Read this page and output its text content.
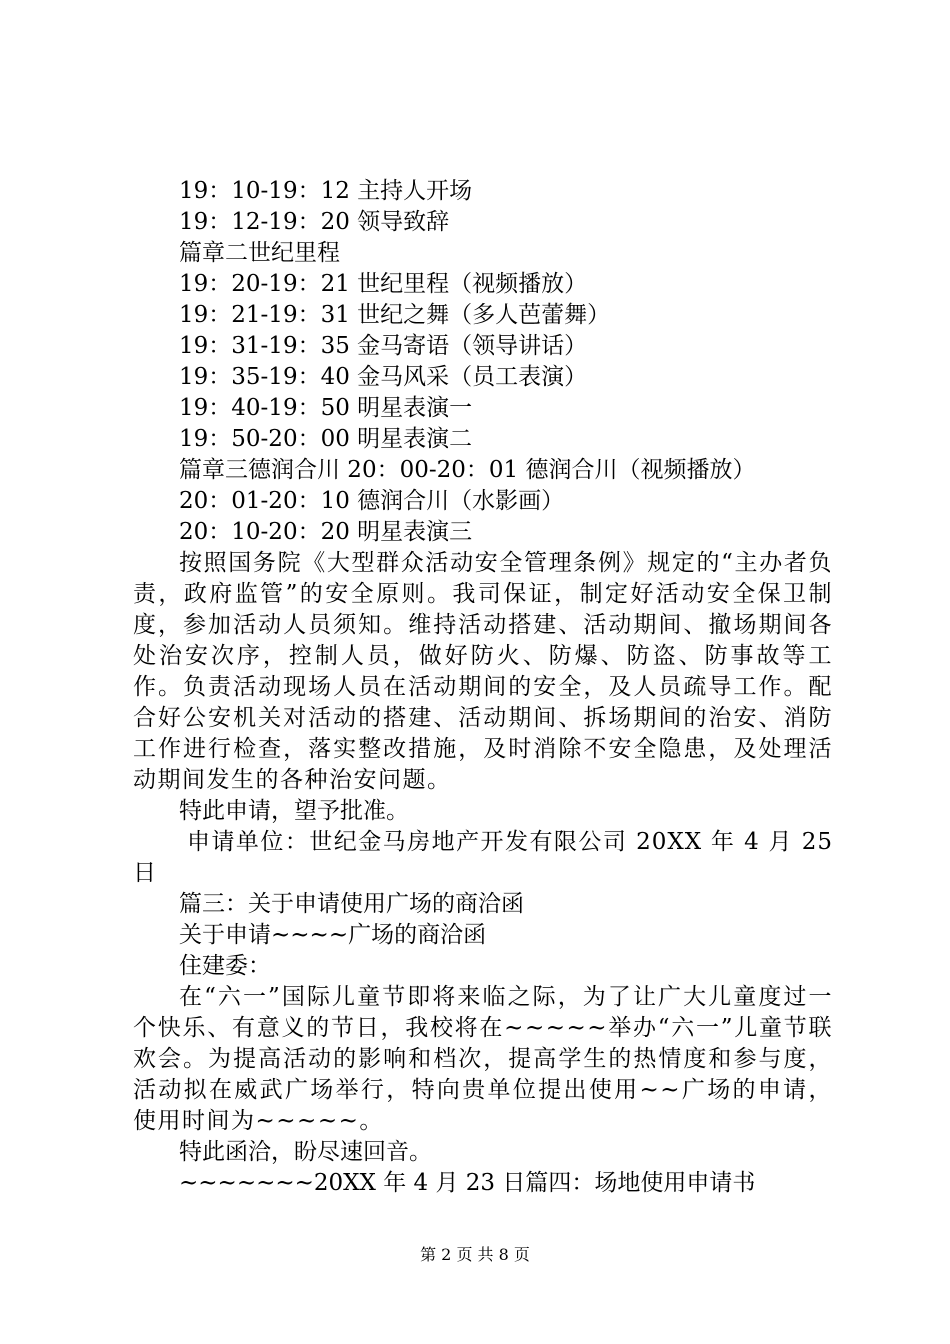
19：10-19：12 主持人开场
19：12-19：20 领导致辞
篇章二世纪里程
19：20-19：21 世纪里程（视频播放）
19：21-19：31 世纪之舞（多人芭蕾舞）
19：31-19：35 金马寄语（领导讲话）
19：35-19：40 金马风采（员工表演）
19：40-19：50 明星表演一
19：50-20：00 明星表演二
篇章三德润合川 20：00-20：01 德润合川（视频播放）
20：01-20：10 德润合川（水影画）
20：10-20：20 明星表演三

按照国务院《大型群众活动安全管理条例》规定的“主办者负责，政府监管”的安全原则。我司保证，制定好活动安全保卫制度，参加活动人员须知。维持活动搭建、活动期间、撤场期间各处治安次序，控制人员，做好防火、防爆、防盗、防事故等工作。负责活动现场人员在活动期间的安全，及人员疏导工作。配合好公安机关对活动的搭建、活动期间、拆场期间的治安、消防工作进行检查，落实整改措施，及时消除不安全隐患，及处理活动期间发生的各种治安问题。

特此申请，望予批准。

申请单位：世纪金马房地产开发有限公司 20XX 年 4 月 25 日

篇三：关于申请使用广场的商洽函
关于申请~~~~广场的商洽函
住建委：

在“六一”国际儿童节即将来临之际，为了让广大儿童度过一个快乐、有意义的节日，我校将在~~~~~举办“六一”儿童节联欢会。为提高活动的影响和档次，提高学生的热情度和参与度，活动拟在威武广场举行，特向贵单位提出使用~~广场的申请，使用时间为~~~~~。

特此函洽，盼尽速回音。
~~~~~~~20XX 年 4 月 23 日篇四：场地使用申请书
第 2 页 共 8 页
